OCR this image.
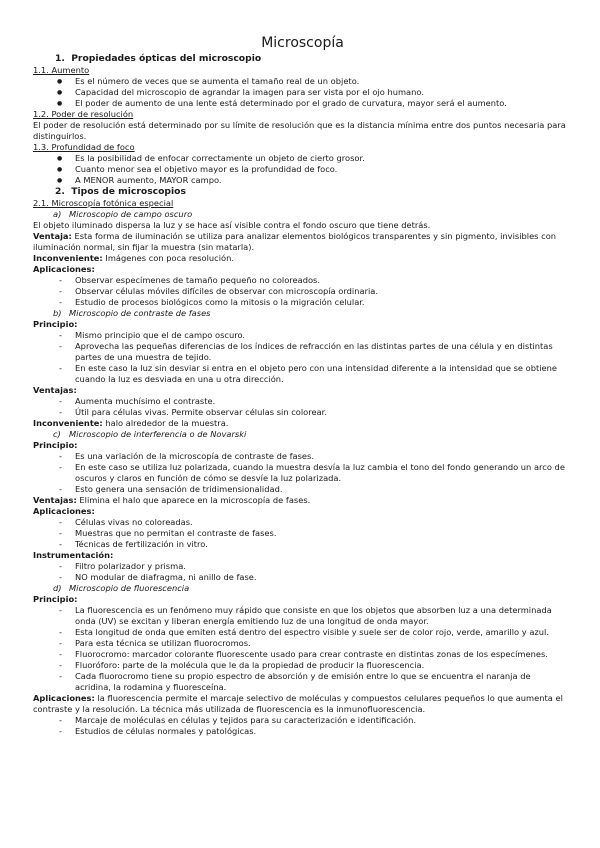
Microscopía
1. Propiedades ópticas del microscopio
1.1. Aumento
● Es el número de veces que se aumenta el tamaño real de un objeto.
● Capacidad del microscopio de agrandar la imagen para ser vista por el ojo humano.
● El poder de aumento de una lente está determinado por el grado de curvatura, mayor será el aumento.
1.2. Poder de resolución

El poder de resolución está determinado por su límite de resolución que es la distancia mínima entre dos puntos necesaria para distinguirlos.

1.3. Profundidad de foco
● Es la posibilidad de enfocar correctamente un objeto de cierto grosor.
● Cuanto menor sea el objetivo mayor es la profundidad de foco.
● A MENOR aumento, MAYOR campo.
2. Tipos de microscopios
2.1. Microscopía fotónica especial
a) Microscopio de campo oscuro

El objeto iluminado dispersa la luz y se hace así visible contra el fondo oscuro que tiene detrás.

Ventaja: Esta forma de iluminación se utiliza para analizar elementos biológicos transparentes y sin pigmento, invisibles con iluminación normal, sin fijar la muestra (sin matarla).

Inconveniente: Imágenes con poca resolución.

Aplicaciones:

- Observar especímenes de tamaño pequeño no coloreados.
- Observar células móviles difíciles de observar con microscopía ordinaria.
- Estudio de procesos biológicos como la mitosis o la migración celular.
b) Microscopio de contraste de fases

Principio:

- Mismo principio que el de campo oscuro.
- Aprovecha las pequeñas diferencias de los índices de refracción en las distintas partes de una célula y en distintas partes de una muestra de tejido.
- En este caso la luz sin desviar si entra en el objeto pero con una intensidad diferente a la intensidad que se obtiene cuando la luz es desviada en una u otra dirección.

Ventajas:

- Aumenta muchísimo el contraste.
- Útil para células vivas. Permite observar células sin colorear.

Inconveniente: halo alrededor de la muestra.

c) Microscopio de interferencia o de Novarski

Principio:

- Es una variación de la microscopía de contraste de fases.
- En este caso se utiliza luz polarizada, cuando la muestra desvía la luz cambia el tono del fondo generando un arco de oscuros y claros en función de cómo se desvíe la luz polarizada.
- Esto genera una sensación de tridimensionalidad.

Ventajas: Elimina el halo que aparece en la microscopía de fases.

Aplicaciones:

- Células vivas no coloreadas.
- Muestras que no permitan el contraste de fases.
- Técnicas de fertilización in vitro.

Instrumentación:

- Filtro polarizador y prisma.
- NO modular de diafragma, ni anillo de fase.
d) Microscopio de fluorescencia

Principio:

- La fluorescencia es un fenómeno muy rápido que consiste en que los objetos que absorben luz a una determinada onda (UV) se excitan y liberan energía emitiendo luz de una longitud de onda mayor.
- Esta longitud de onda que emiten está dentro del espectro visible y suele ser de color rojo, verde, amarillo y azul.
- Para esta técnica se utilizan fluorocromos.
- Fluorocromo: marcador colorante fluorescente usado para crear contraste en distintas zonas de los especímenes.
- Fluoróforo: parte de la molécula que le da la propiedad de producir la fluorescencia.
- Cada fluorocromo tiene su propio espectro de absorción y de emisión entre lo que se encuentra el naranja de acridina, la rodamina y fluoresceína.

Aplicaciones: la fluorescencia permite el marcaje selectivo de moléculas y compuestos celulares pequeños lo que aumenta el contraste y la resolución. La técnica más utilizada de fluorescencia es la inmunofluorescencia.

- Marcaje de moléculas en células y tejidos para su caracterización e identificación.
- Estudios de células normales y patológicas.
